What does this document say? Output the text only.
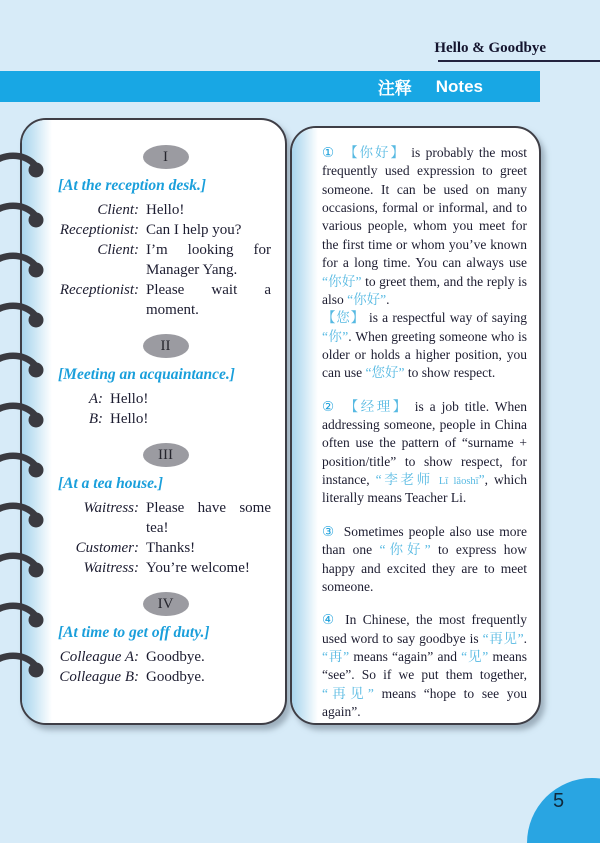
Hello & Goodbye
注释 Notes
I
[At the reception desk.]
Client: Hello!
Receptionist: Can I help you?
Client: I’m looking for Manager Yang.
Receptionist: Please wait a moment.
II
[Meeting an acquaintance.]
A: Hello!
B: Hello!
III
[At a tea house.]
Waitress: Please have some tea!
Customer: Thanks!
Waitress: You’re welcome!
IV
[At time to get off duty.]
Colleague A: Goodbye.
Colleague B: Goodbye.
① 【你好】 is probably the most frequently used expression to greet someone. It can be used on many occasions, formal or informal, and to various people, whom you meet for the first time or whom you’ve known for a long time. You can always use “你好” to greet them, and the reply is also “你好”.
【您】 is a respectful way of saying “你”. When greeting someone who is older or holds a higher position, you can use “您好” to show respect.
② 【经理】 is a job title. When addressing someone, people in China often use the pattern of “surname + position/title” to show respect, for instance, “李老师 Lǐ lǎoshī”, which literally means Teacher Li.
③ Sometimes people also use more than one “你好” to express how happy and excited they are to meet someone.
④ In Chinese, the most frequently used word to say goodbye is “再见”. “再” means “again” and “见” means “see”. So if we put them together, “再见” means “hope to see you again”.
5
